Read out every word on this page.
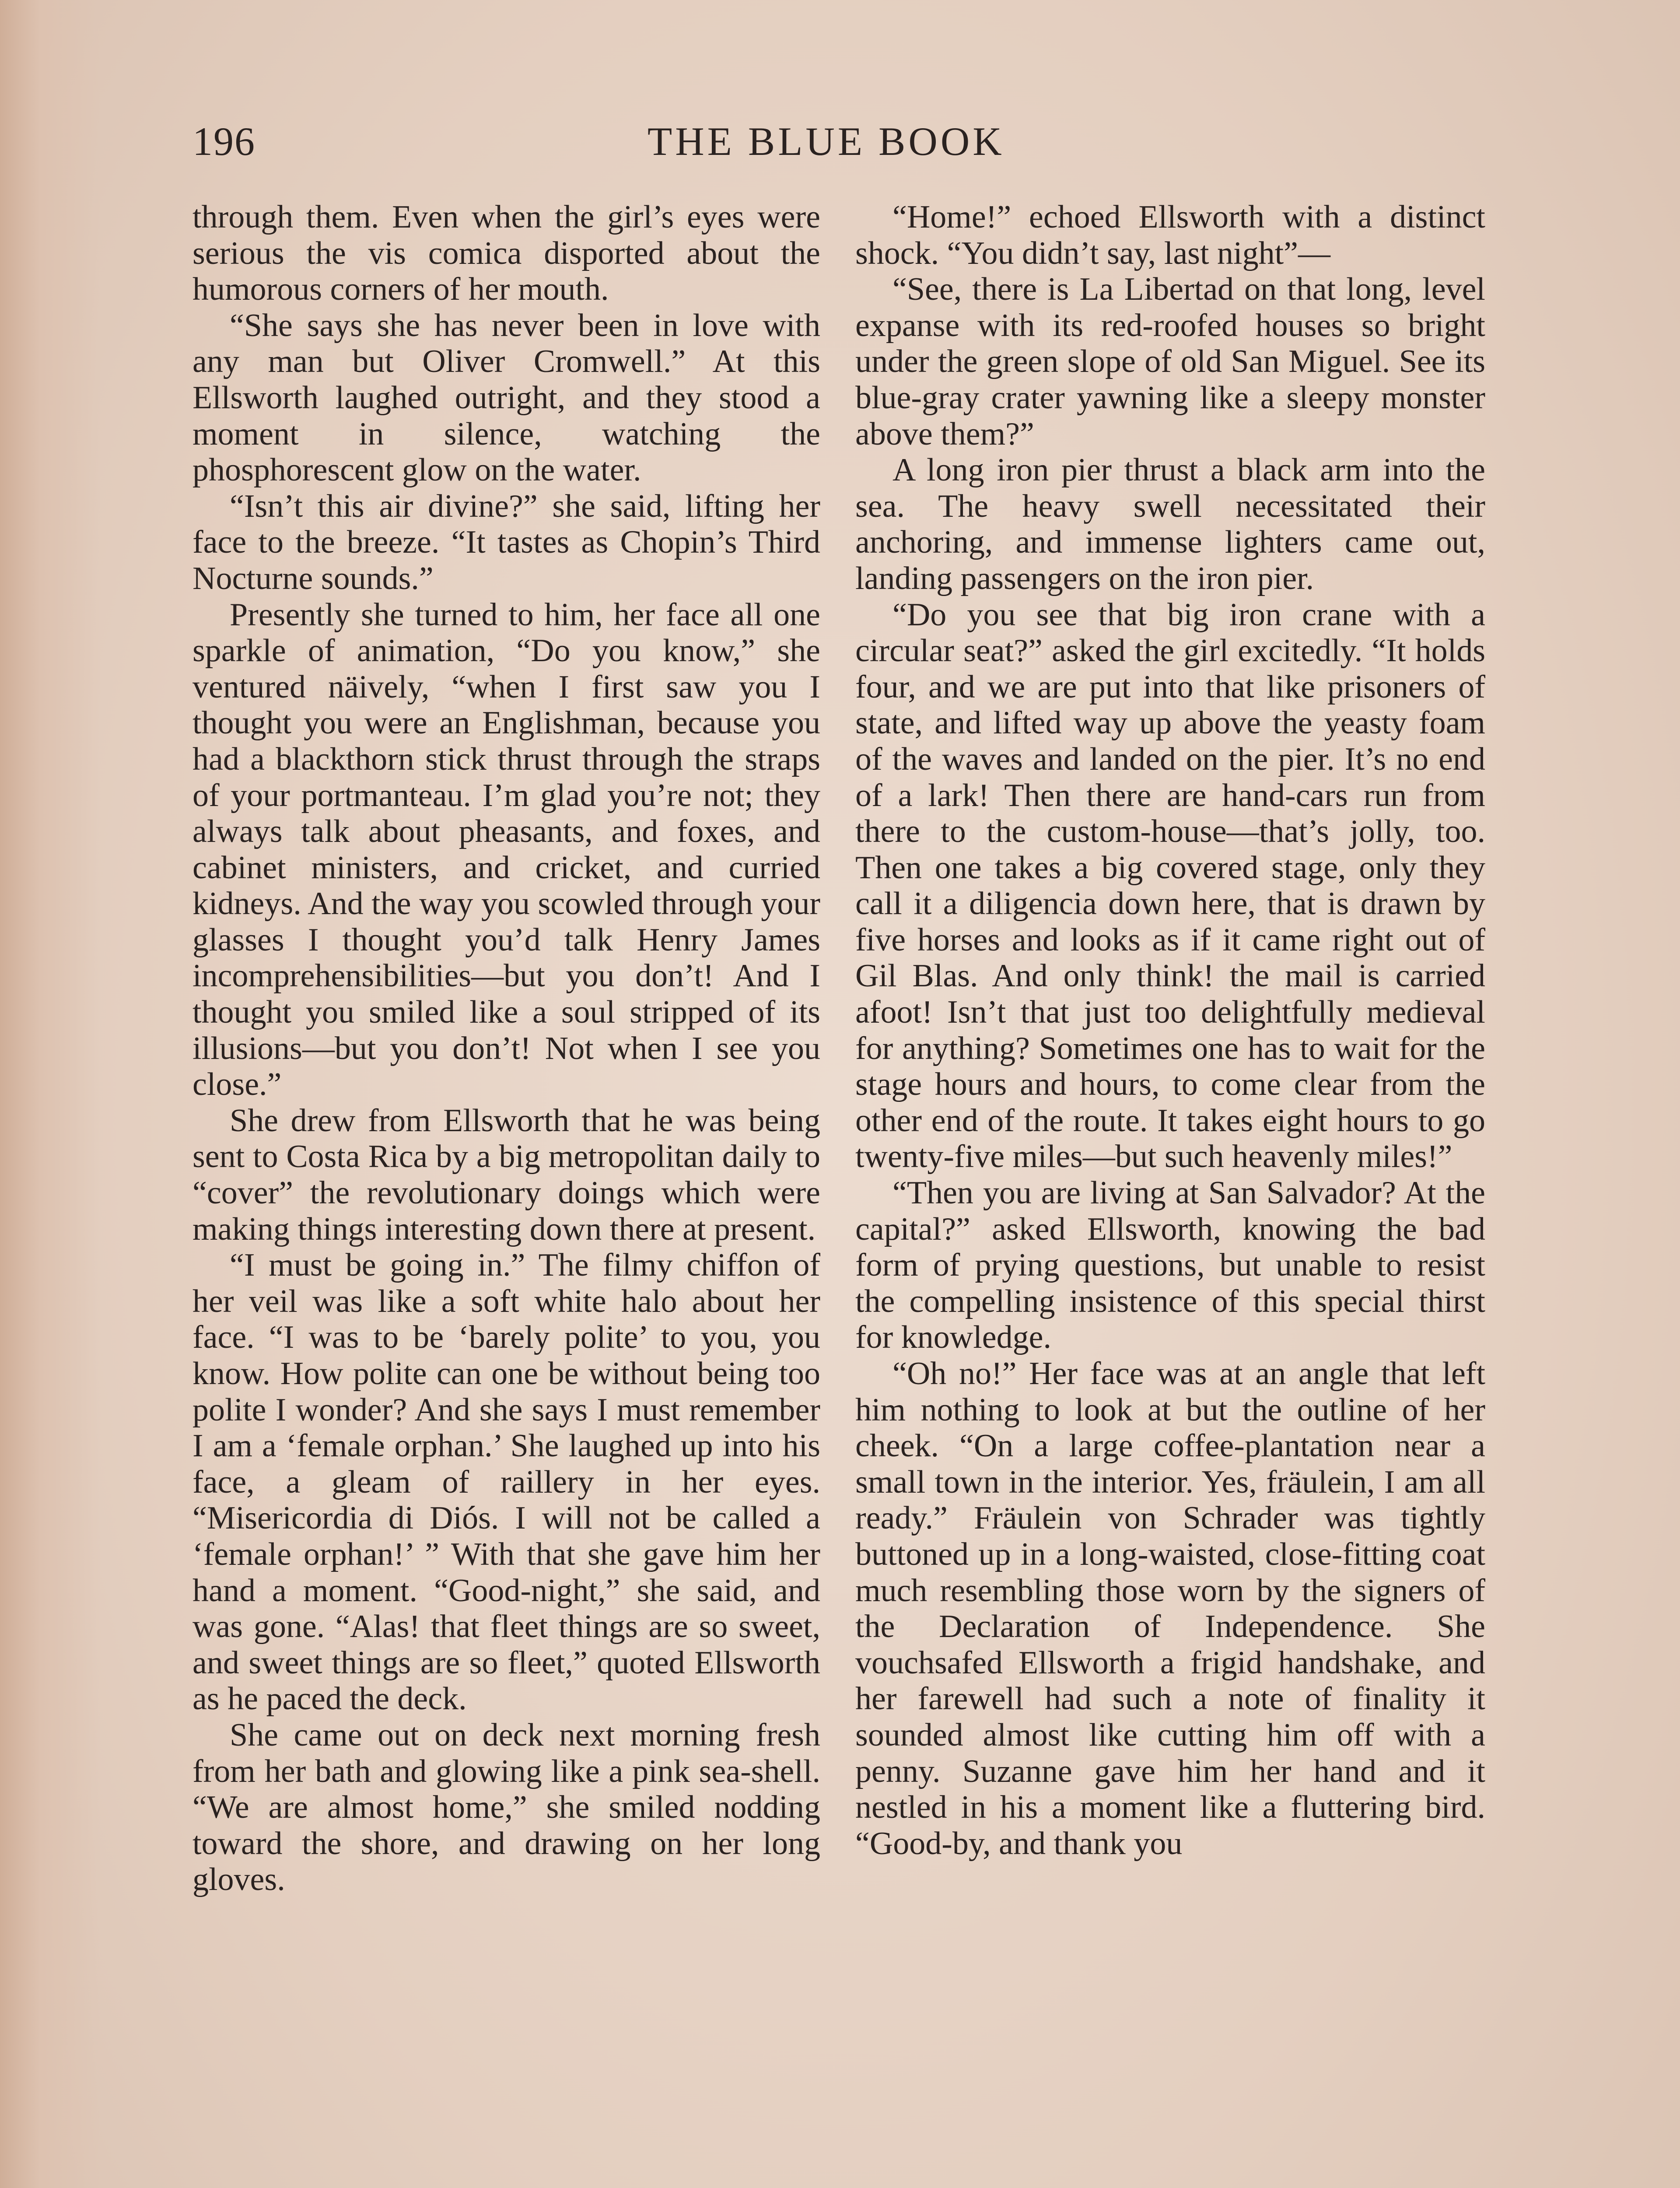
196	THE BLUE BOOK

through them. Even when the girl’s eyes were serious the vis comica disported about the humorous corners of her mouth.

“She says she has never been in love with any man but Oliver Cromwell.” At this Ellsworth laughed outright, and they stood a moment in silence, watching the phosphorescent glow on the water.

“Isn’t this air divine?” she said, lifting her face to the breeze. “It tastes as Chopin’s Third Nocturne sounds.”

Presently she turned to him, her face all one sparkle of animation, “Do you know,” she ventured näively, “when I first saw you I thought you were an Englishman, because you had a blackthorn stick thrust through the straps of your portmanteau. I’m glad you’re not; they always talk about pheasants, and foxes, and cabinet ministers, and cricket, and curried kidneys. And the way you scowled through your glasses I thought you’d talk Henry James incomprehensibilities—but you don’t! And I thought you smiled like a soul stripped of its illusions—but you don’t! Not when I see you close.”

She drew from Ellsworth that he was being sent to Costa Rica by a big metropolitan daily to “cover” the revolutionary doings which were making things interesting down there at present.

“I must be going in.” The filmy chiffon of her veil was like a soft white halo about her face. “I was to be ‘barely polite’ to you, you know. How polite can one be without being too polite I wonder? And she says I must remember I am a ‘female orphan.’ She laughed up into his face, a gleam of raillery in her eyes. “Misericordia di Diós. I will not be called a ‘female orphan!’ ” With that she gave him her hand a moment. “Good-night,” she said, and was gone. “Alas! that fleet things are so sweet, and sweet things are so fleet,” quoted Ellsworth as he paced the deck.

She came out on deck next morning fresh from her bath and glowing like a pink sea-shell. “We are almost home,” she smiled nodding toward the shore, and drawing on her long gloves.

“Home!” echoed Ellsworth with a distinct shock. “You didn’t say, last night”—

“See, there is La Libertad on that long, level expanse with its red-roofed houses so bright under the green slope of old San Miguel. See its blue-gray crater yawning like a sleepy monster above them?”

A long iron pier thrust a black arm into the sea. The heavy swell necessitated their anchoring, and immense lighters came out, landing passengers on the iron pier.

“Do you see that big iron crane with a circular seat?” asked the girl excitedly. “It holds four, and we are put into that like prisoners of state, and lifted way up above the yeasty foam of the waves and landed on the pier. It’s no end of a lark! Then there are hand-cars run from there to the custom-house—that’s jolly, too. Then one takes a big covered stage, only they call it a diligencia down here, that is drawn by five horses and looks as if it came right out of Gil Blas. And only think! the mail is carried afoot! Isn’t that just too delightfully medieval for anything? Sometimes one has to wait for the stage hours and hours, to come clear from the other end of the route. It takes eight hours to go twenty-five miles—but such heavenly miles!”

“Then you are living at San Salvador? At the capital?” asked Ellsworth, knowing the bad form of prying questions, but unable to resist the compelling insistence of this special thirst for knowledge.

“Oh no!” Her face was at an angle that left him nothing to look at but the outline of her cheek. “On a large coffee-plantation near a small town in the interior. Yes, fräulein, I am all ready.” Fräulein von Schrader was tightly buttoned up in a long-waisted, close-fitting coat much resembling those worn by the signers of the Declaration of Independence. She vouchsafed Ellsworth a frigid handshake, and her farewell had such a note of finality it sounded almost like cutting him off with a penny. Suzanne gave him her hand and it nestled in his a moment like a fluttering bird. “Good-by, and thank you
